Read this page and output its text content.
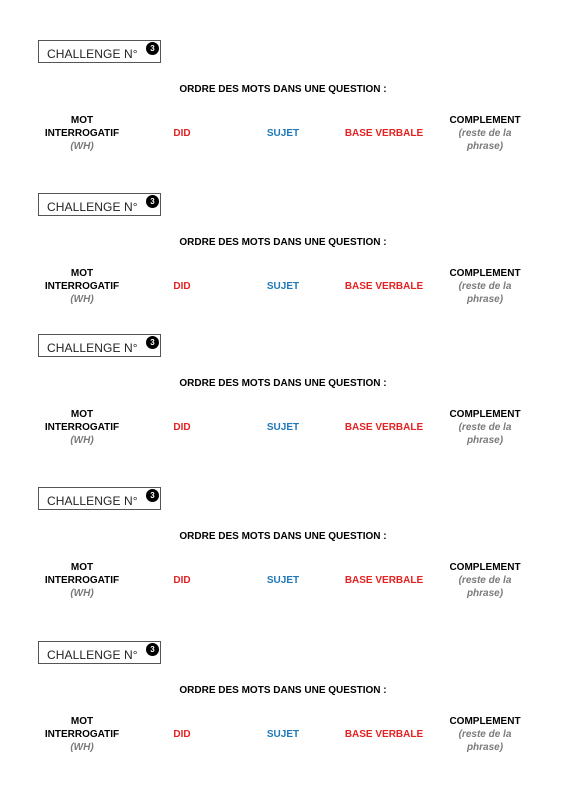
CHALLENGE N°	3
ORDRE DES MOTS DANS UNE QUESTION :
MOT
INTERROGATIF
(WH)
DID	SUJET	BASE VERBALE
COMPLEMENT
(reste de la
phrase)
CHALLENGE N°	3
ORDRE DES MOTS DANS UNE QUESTION :
MOT
INTERROGATIF
(WH)
DID	SUJET	BASE VERBALE
COMPLEMENT
(reste de la
phrase)
CHALLENGE N°	3
ORDRE DES MOTS DANS UNE QUESTION :
MOT
INTERROGATIF
(WH)
DID	SUJET	BASE VERBALE
COMPLEMENT
(reste de la
phrase)
CHALLENGE N°	3
ORDRE DES MOTS DANS UNE QUESTION :
MOT
INTERROGATIF
(WH)
DID	SUJET	BASE VERBALE
COMPLEMENT
(reste de la
phrase)
CHALLENGE N°	3
ORDRE DES MOTS DANS UNE QUESTION :
MOT
INTERROGATIF
(WH)
DID	SUJET	BASE VERBALE
COMPLEMENT
(reste de la
phrase)
